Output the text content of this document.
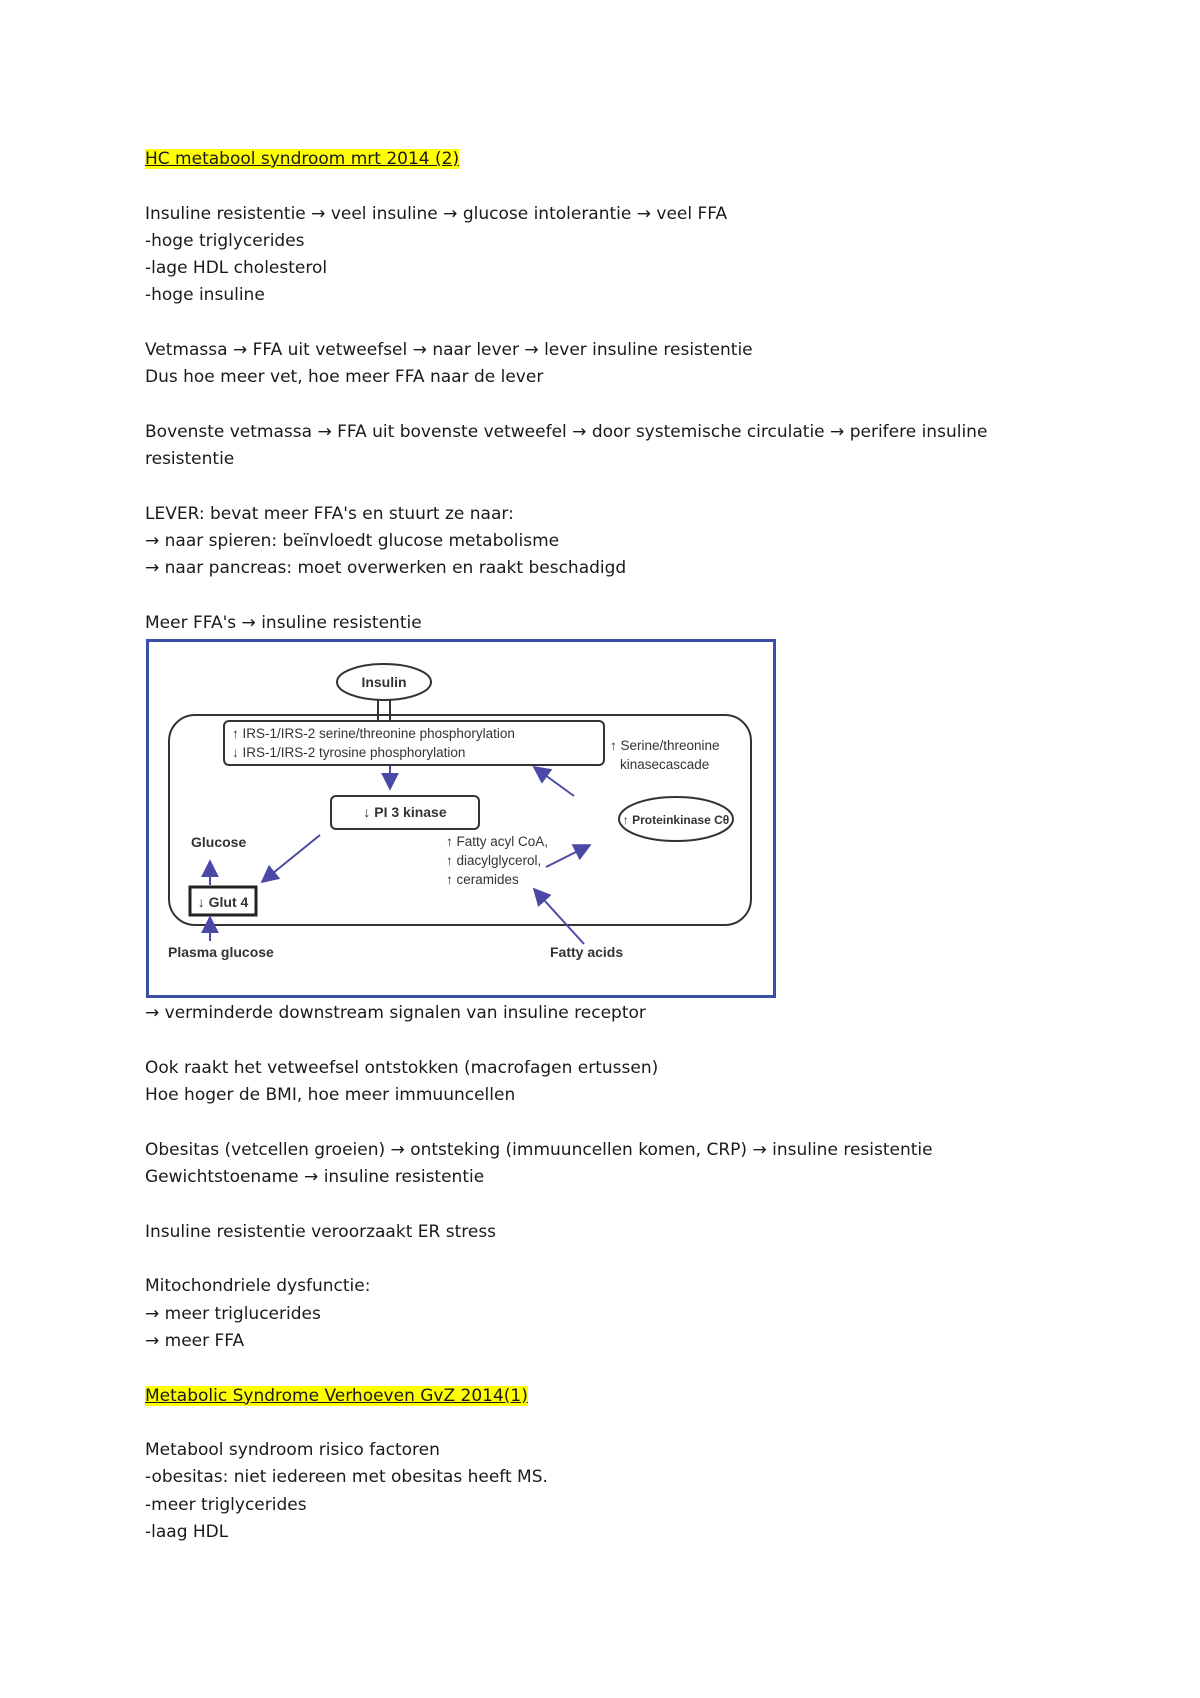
HC metabool syndroom mrt 2014 (2)

Insuline resistentie → veel insuline → glucose intolerantie → veel FFA

-hoge triglycerides

-lage HDL cholesterol

-hoge insuline

Vetmassa → FFA uit vetweefsel → naar lever → lever insuline resistentie

Dus hoe meer vet, hoe meer FFA naar de lever

Bovenste vetmassa → FFA uit bovenste vetweefel → door systemische circulatie → perifere insuline resistentie

LEVER: bevat meer FFA's en stuurt ze naar:

→ naar spieren: beïnvloedt glucose metabolisme

→ naar pancreas: moet overwerken en raakt beschadigd

Meer FFA's → insuline resistentie

Insulin
↑ IRS-1/IRS-2 serine/threonine phosphorylation
↓ IRS-1/IRS-2 tyrosine phosphorylation	↑ Serine/threonine
kinasecascade
↓ PI 3 kinase	↑ Proteinkinase Cθ
↑ Fatty acyl CoA,
↑ diacylglycerol,
↑ ceramides
Glucose
↓ Glut 4
Plasma glucose	Fatty acids

→ verminderde downstream signalen van insuline receptor

Ook raakt het vetweefsel ontstokken (macrofagen ertussen)

Hoe hoger de BMI, hoe meer immuuncellen

Obesitas (vetcellen groeien) → ontsteking (immuuncellen komen, CRP) → insuline resistentie

Gewichtstoename → insuline resistentie

Insuline resistentie veroorzaakt ER stress

Mitochondriele dysfunctie:

→ meer triglucerides

→ meer FFA

Metabolic Syndrome Verhoeven GvZ 2014(1)

Metabool syndroom risico factoren

-obesitas: niet iedereen met obesitas heeft MS.

-meer triglycerides

-laag HDL
